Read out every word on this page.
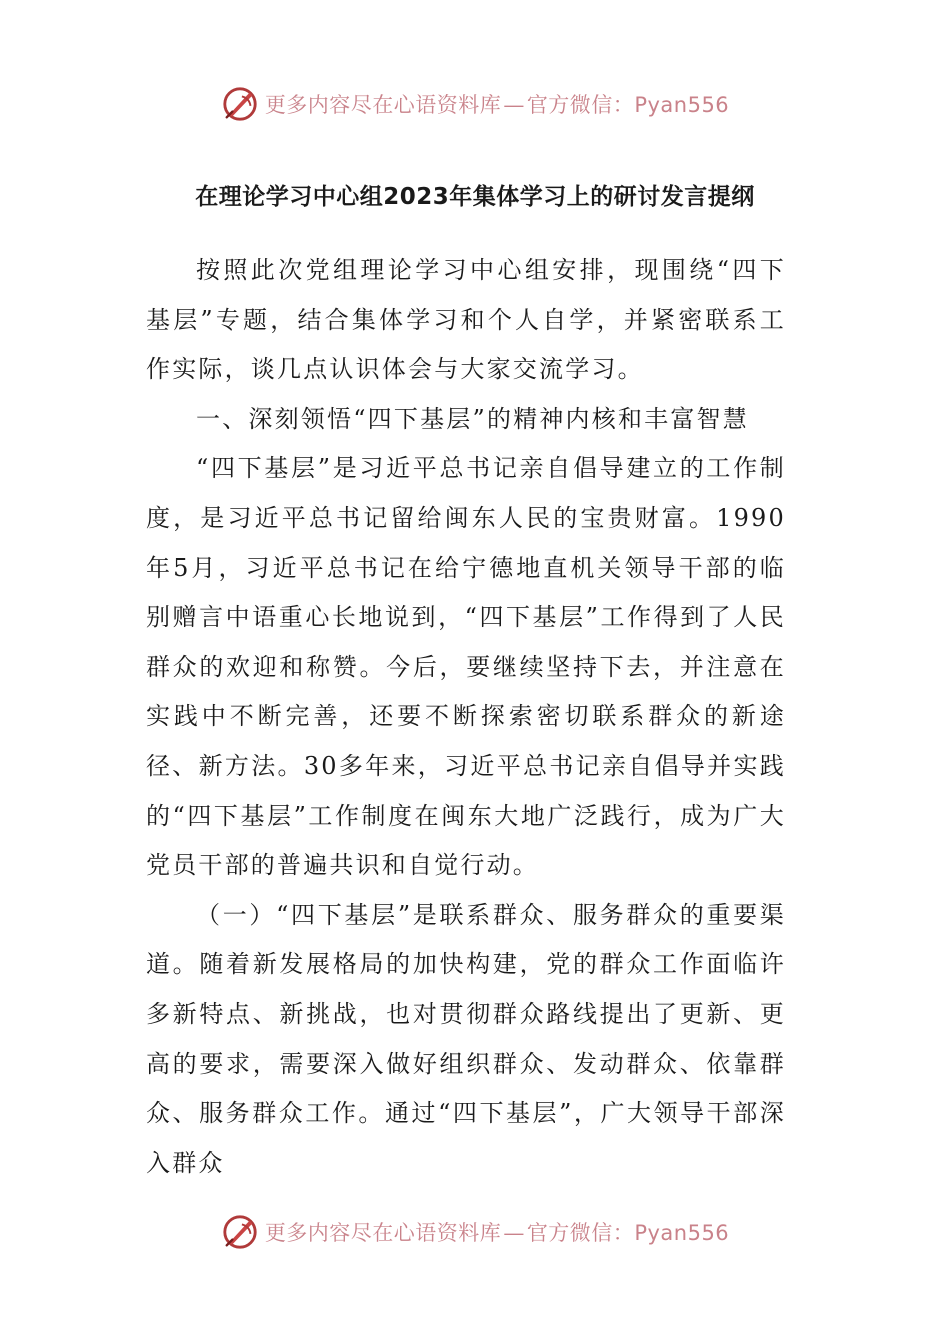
更多内容尽在心语资料库—官方微信：Pyan556
在理论学习中心组2023年集体学习上的研讨发言提纲

按照此次党组理论学习中心组安排，现围绕“四下基层”专题，结合集体学习和个人自学，并紧密联系工作实际，谈几点认识体会与大家交流学习。

一、深刻领悟“四下基层”的精神内核和丰富智慧

“四下基层”是习近平总书记亲自倡导建立的工作制度，是习近平总书记留给闽东人民的宝贵财富。1990年5月，习近平总书记在给宁德地直机关领导干部的临别赠言中语重心长地说到，“四下基层”工作得到了人民群众的欢迎和称赞。今后，要继续坚持下去，并注意在实践中不断完善，还要不断探索密切联系群众的新途径、新方法。30多年来，习近平总书记亲自倡导并实践的“四下基层”工作制度在闽东大地广泛践行，成为广大党员干部的普遍共识和自觉行动。

（一）“四下基层”是联系群众、服务群众的重要渠道。随着新发展格局的加快构建，党的群众工作面临许多新特点、新挑战，也对贯彻群众路线提出了更新、更高的要求，需要深入做好组织群众、发动群众、依靠群众、服务群众工作。通过“四下基层”，广大领导干部深入群众

更多内容尽在心语资料库—官方微信：Pyan556
